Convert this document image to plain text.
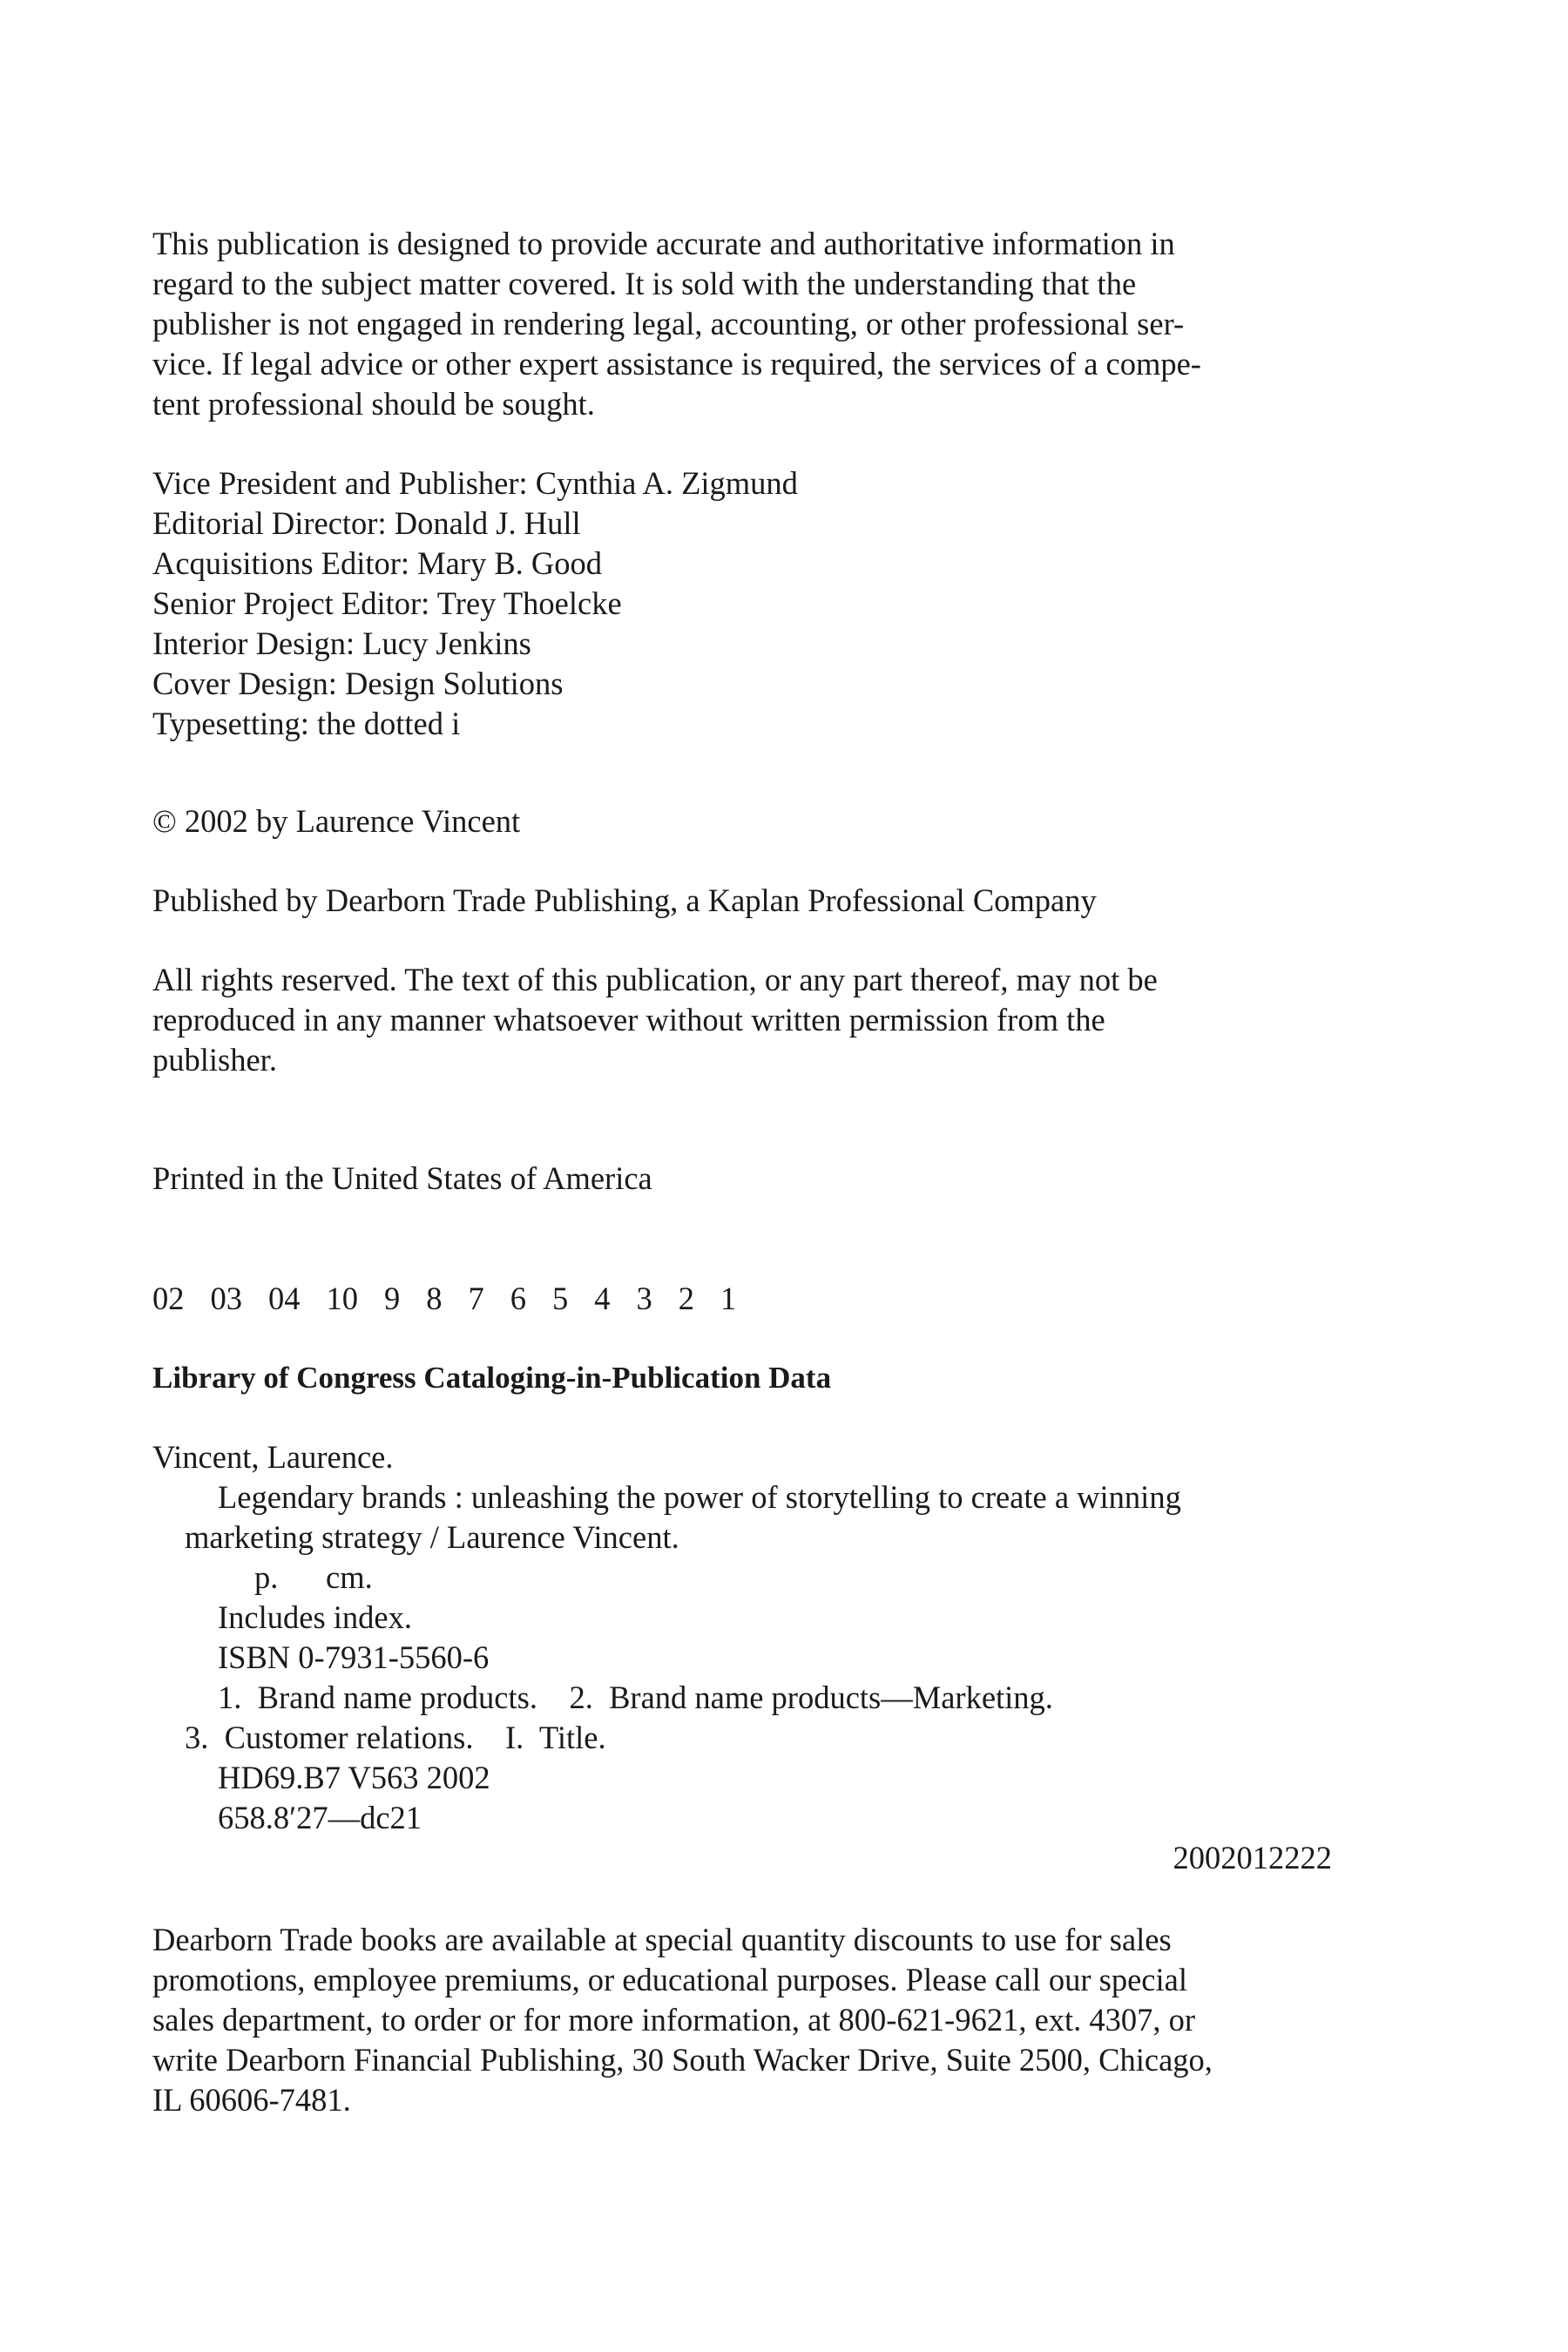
This publication is designed to provide accurate and authoritative information in

regard to the subject matter covered. It is sold with the understanding that the

publisher is not engaged in rendering legal, accounting, or other professional ser-

vice. If legal advice or other expert assistance is required, the services of a compe-

tent professional should be sought.

Vice President and Publisher: Cynthia A. Zigmund

Editorial Director: Donald J. Hull

Acquisitions Editor: Mary B. Good

Senior Project Editor: Trey Thoelcke

Interior Design: Lucy Jenkins

Cover Design: Design Solutions

Typesetting: the dotted i

© 2002 by Laurence Vincent

Published by Dearborn Trade Publishing, a Kaplan Professional Company

All rights reserved. The text of this publication, or any part thereof, may not be

reproduced in any manner whatsoever without written permission from the

publisher.

Printed in the United States of America

02 03 04 10 9 8 7 6 5 4 3 2 1

Library of Congress Cataloging-in-Publication Data

Vincent, Laurence.

Legendary brands : unleashing the power of storytelling to create a winning

marketing strategy / Laurence Vincent.

p. cm.

Includes index.

ISBN 0-7931-5560-6

1.  Brand name products.    2.  Brand name products—Marketing.

3.  Customer relations.    I.  Title.

HD69.B7 V563 2002

658.8′27—dc21

2002012222

Dearborn Trade books are available at special quantity discounts to use for sales

promotions, employee premiums, or educational purposes. Please call our special

sales department, to order or for more information, at 800-621-9621, ext. 4307, or

write Dearborn Financial Publishing, 30 South Wacker Drive, Suite 2500, Chicago,

IL 60606-7481.
